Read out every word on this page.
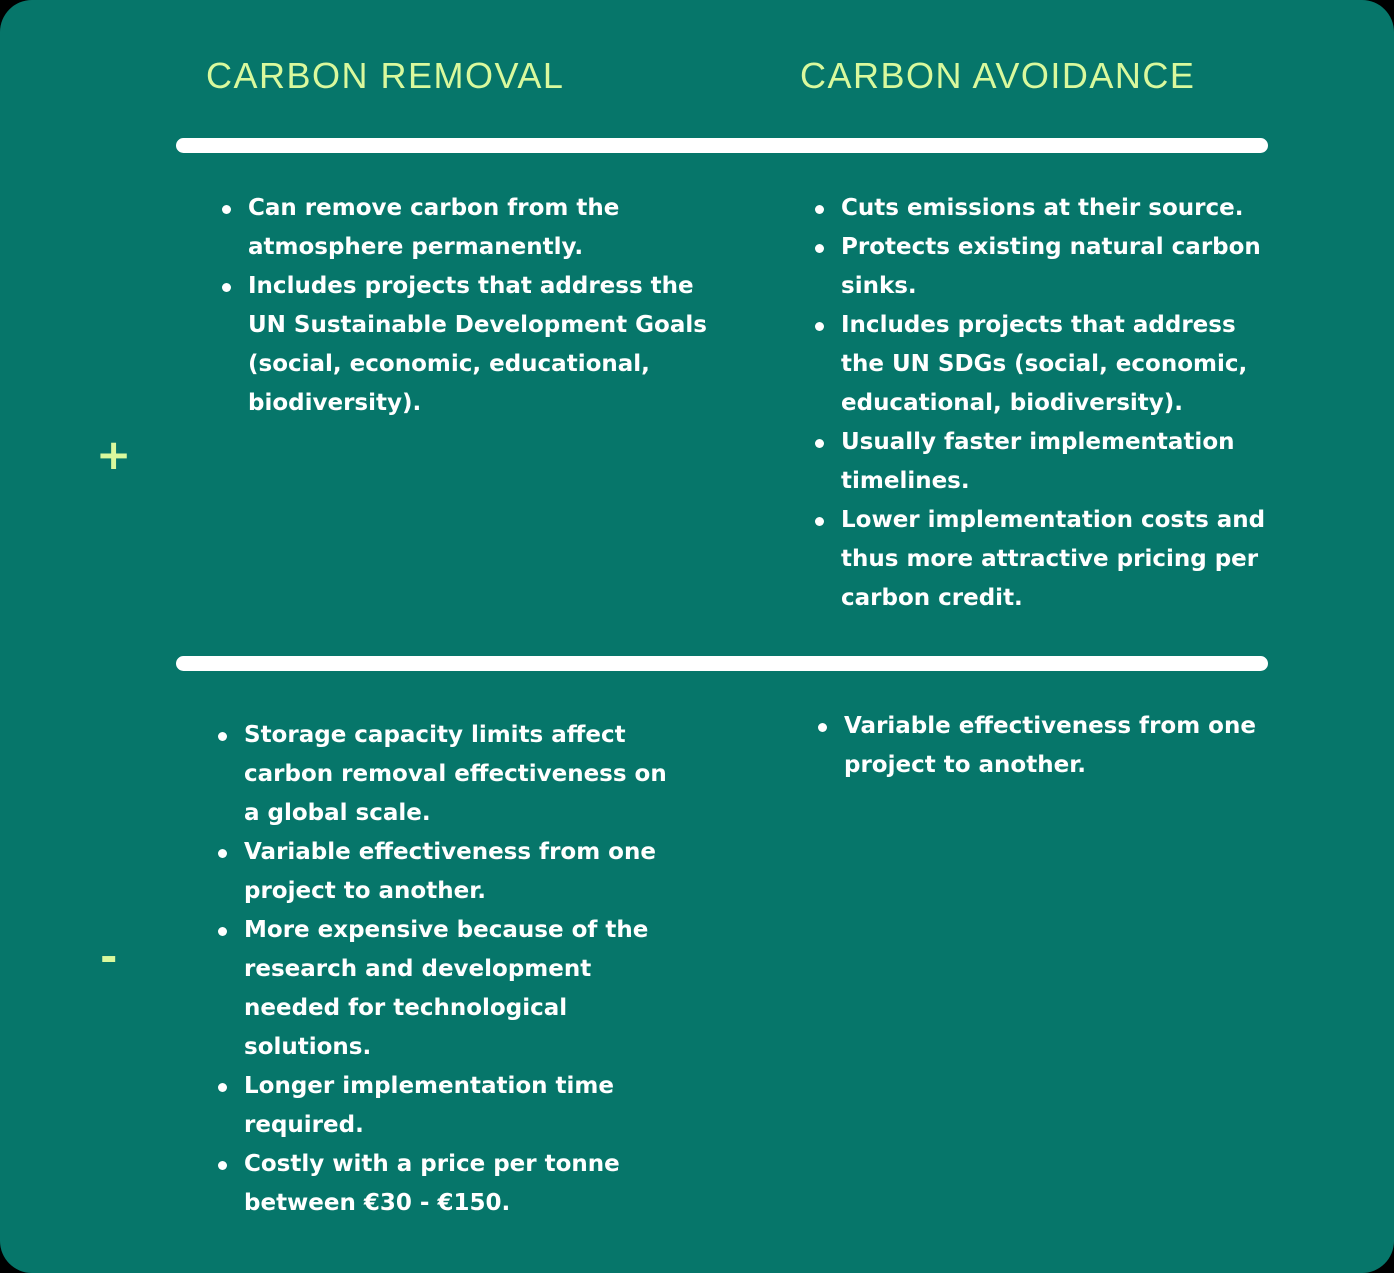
CARBON REMOVAL	CARBON AVOIDANCE
+
Can remove carbon from the atmosphere permanently.
Includes projects that address the UN Sustainable Development Goals (social, economic, educational, biodiversity).
Cuts emissions at their source.
Protects existing natural carbon sinks.
Includes projects that address the UN SDGs (social, economic, educational, biodiversity).
Usually faster implementation timelines.
Lower implementation costs and thus more attractive pricing per carbon credit.
-
Storage capacity limits affect carbon removal effectiveness on a global scale.
Variable effectiveness from one project to another.
More expensive because of the research and development needed for technological solutions.
Longer implementation time required.
Costly with a price per tonne between €30 - €150.
Variable effectiveness from one project to another.
